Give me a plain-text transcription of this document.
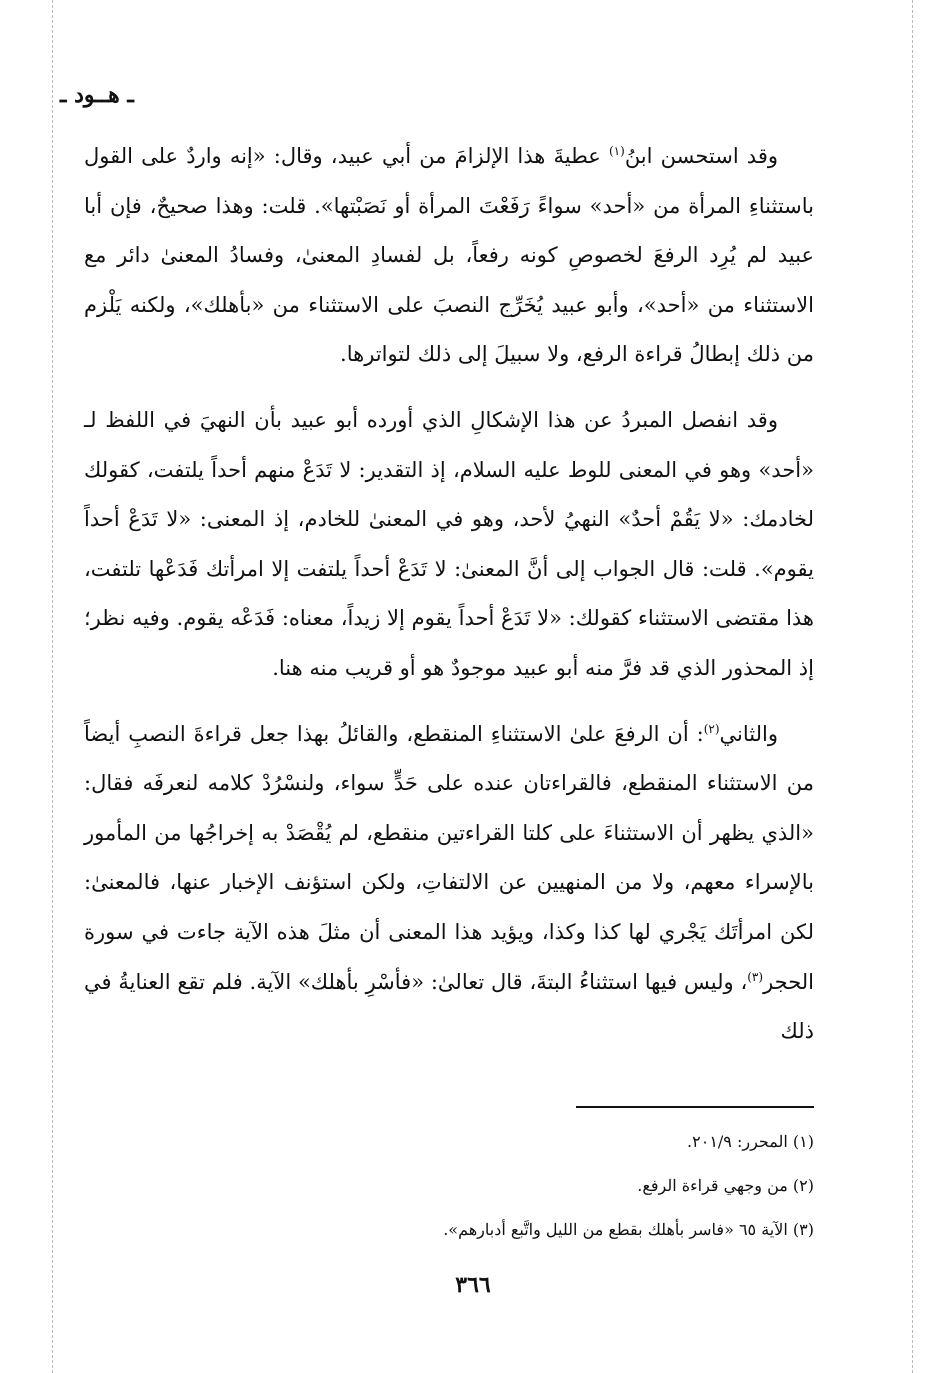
ـ هــود ـ

وقد استحسن ابنُ$^{(١)}$ عطيةَ هذا الإلزامَ من أبي عبيد، وقال: «إنه واردٌ على القول باستثناءِ المرأة من «أحد» سواءً رَفَعْتَ المرأة أو نَصَبْتها». قلت: وهذا صحيحٌ، فإن أبا عبيد لم يُرِد الرفعَ لخصوصِ كونه رفعاً، بل لفسادِ المعنىٰ، وفسادُ المعنىٰ دائر مع الاستثناء من «أحد»، وأبو عبيد يُخَرِّج النصبَ على الاستثناء من «بأهلك»، ولكنه يَلْزم من ذلك إبطالُ قراءة الرفع، ولا سبيلَ إلى ذلك لتواترها.

وقد انفصل المبردُ عن هذا الإشكالِ الذي أورده أبو عبيد بأن النهيَ في اللفظ لـ «أحد» وهو في المعنى للوط عليه السلام، إذ التقدير: لا تَدَعْ منهم أحداً يلتفت، كقولك لخادمك: «لا يَقُمْ أحدٌ» النهيُ لأحد، وهو في المعنىٰ للخادم، إذ المعنى: «لا تَدَعْ أحداً يقوم». قلت: قال الجواب إلى أنَّ المعنىٰ: لا تَدَعْ أحداً يلتفت إلا امرأتك فَدَعْها تلتفت، هذا مقتضى الاستثناء كقولك: «لا تَدَعْ أحداً يقوم إلا زيداً، معناه: فَدَعْه يقوم. وفيه نظر؛ إذ المحذور الذي قد فرَّ منه أبو عبيد موجودٌ هو أو قريب منه هنا.

والثاني$^{(٢)}$: أن الرفعَ علىٰ الاستثناءِ المنقطع، والقائلُ بهذا جعل قراءةَ النصبِ أيضاً من الاستثناء المنقطع، فالقراءتان عنده على حَدٍّ سواء، ولنسْرُدْ كلامه لنعرفَه فقال: «الذي يظهر أن الاستثناءَ على كلتا القراءتين منقطع، لم يُقْصَدْ به إخراجُها من المأمور بالإسراء معهم، ولا من المنهيين عن الالتفاتِ، ولكن استؤنف الإخبار عنها، فالمعنىٰ: لكن امرأتَك يَجْري لها كذا وكذا، ويؤيد هذا المعنى أن مثلَ هذه الآية جاءت في سورة الحجر$^{(٣)}$، وليس فيها استثناءُ البتةَ، قال تعالىٰ: «فأسْرِ بأهلك» الآية. فلم تقع العنايةُ في ذلك

(١) المحرر: ٢٠١/٩.
(٢) من وجهي قراءة الرفع.
(٣) الآية ٦٥ «فاسر بأهلك بقطع من الليل واتَّبع أدبارهم».
٣٦٦
